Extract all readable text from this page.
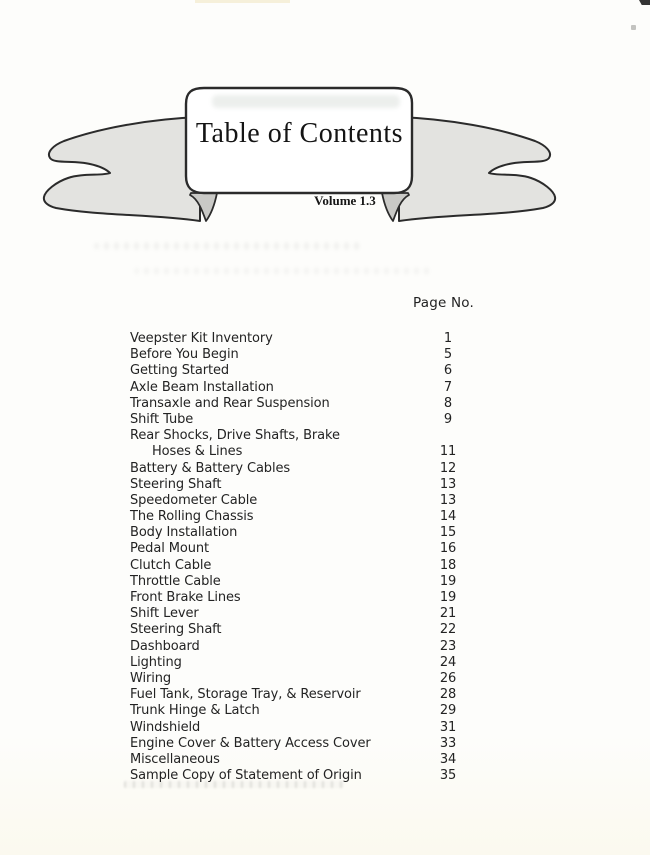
Table of Contents
Volume 1.3
Page No.
Veepster Kit Inventory	1
Before You Begin	5
Getting Started	6
Axle Beam Installation	7
Transaxle and Rear Suspension	8
Shift Tube	9
Rear Shocks, Drive Shafts, Brake
Hoses & Lines	11
Battery & Battery Cables	12
Steering Shaft	13
Speedometer Cable	13
The Rolling Chassis	14
Body Installation	15
Pedal Mount	16
Clutch Cable	18
Throttle Cable	19
Front Brake Lines	19
Shift Lever	21
Steering Shaft	22
Dashboard	23
Lighting	24
Wiring	26
Fuel Tank, Storage Tray, & Reservoir	28
Trunk Hinge & Latch	29
Windshield	31
Engine Cover & Battery Access Cover	33
Miscellaneous	34
Sample Copy of Statement of Origin	35
